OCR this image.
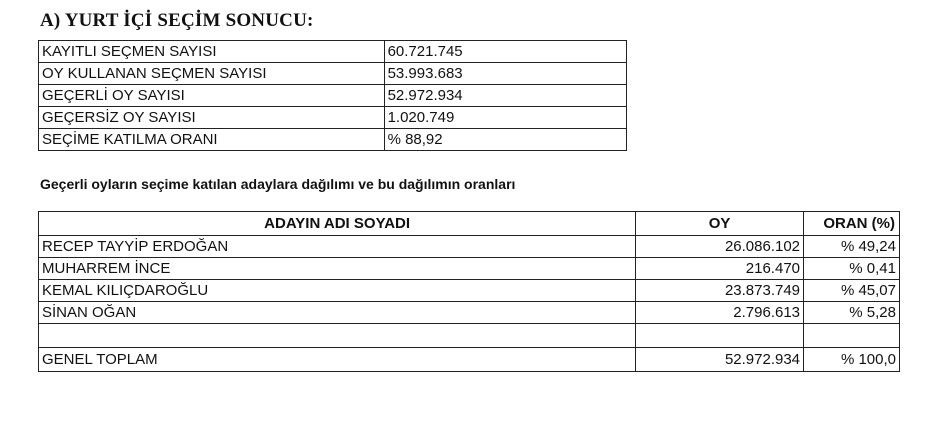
A) YURT İÇİ SEÇİM SONUCU:
KAYITLI SEÇMEN SAYISI	60.721.745
OY KULLANAN SEÇMEN SAYISI	53.993.683
GEÇERLİ OY SAYISI	52.972.934
GEÇERSİZ OY SAYISI	1.020.749
SEÇİME KATILMA ORANI	% 88,92

Geçerli oyların seçime katılan adaylara dağılımı ve bu dağılımın oranları

ADAYIN ADI SOYADI	OY	ORAN (%)
RECEP TAYYİP ERDOĞAN	26.086.102	% 49,24
MUHARREM İNCE	216.470	% 0,41
KEMAL KILIÇDAROĞLU	23.873.749	% 45,07
SİNAN OĞAN	2.796.613	% 5,28

GENEL TOPLAM	52.972.934	% 100,0
